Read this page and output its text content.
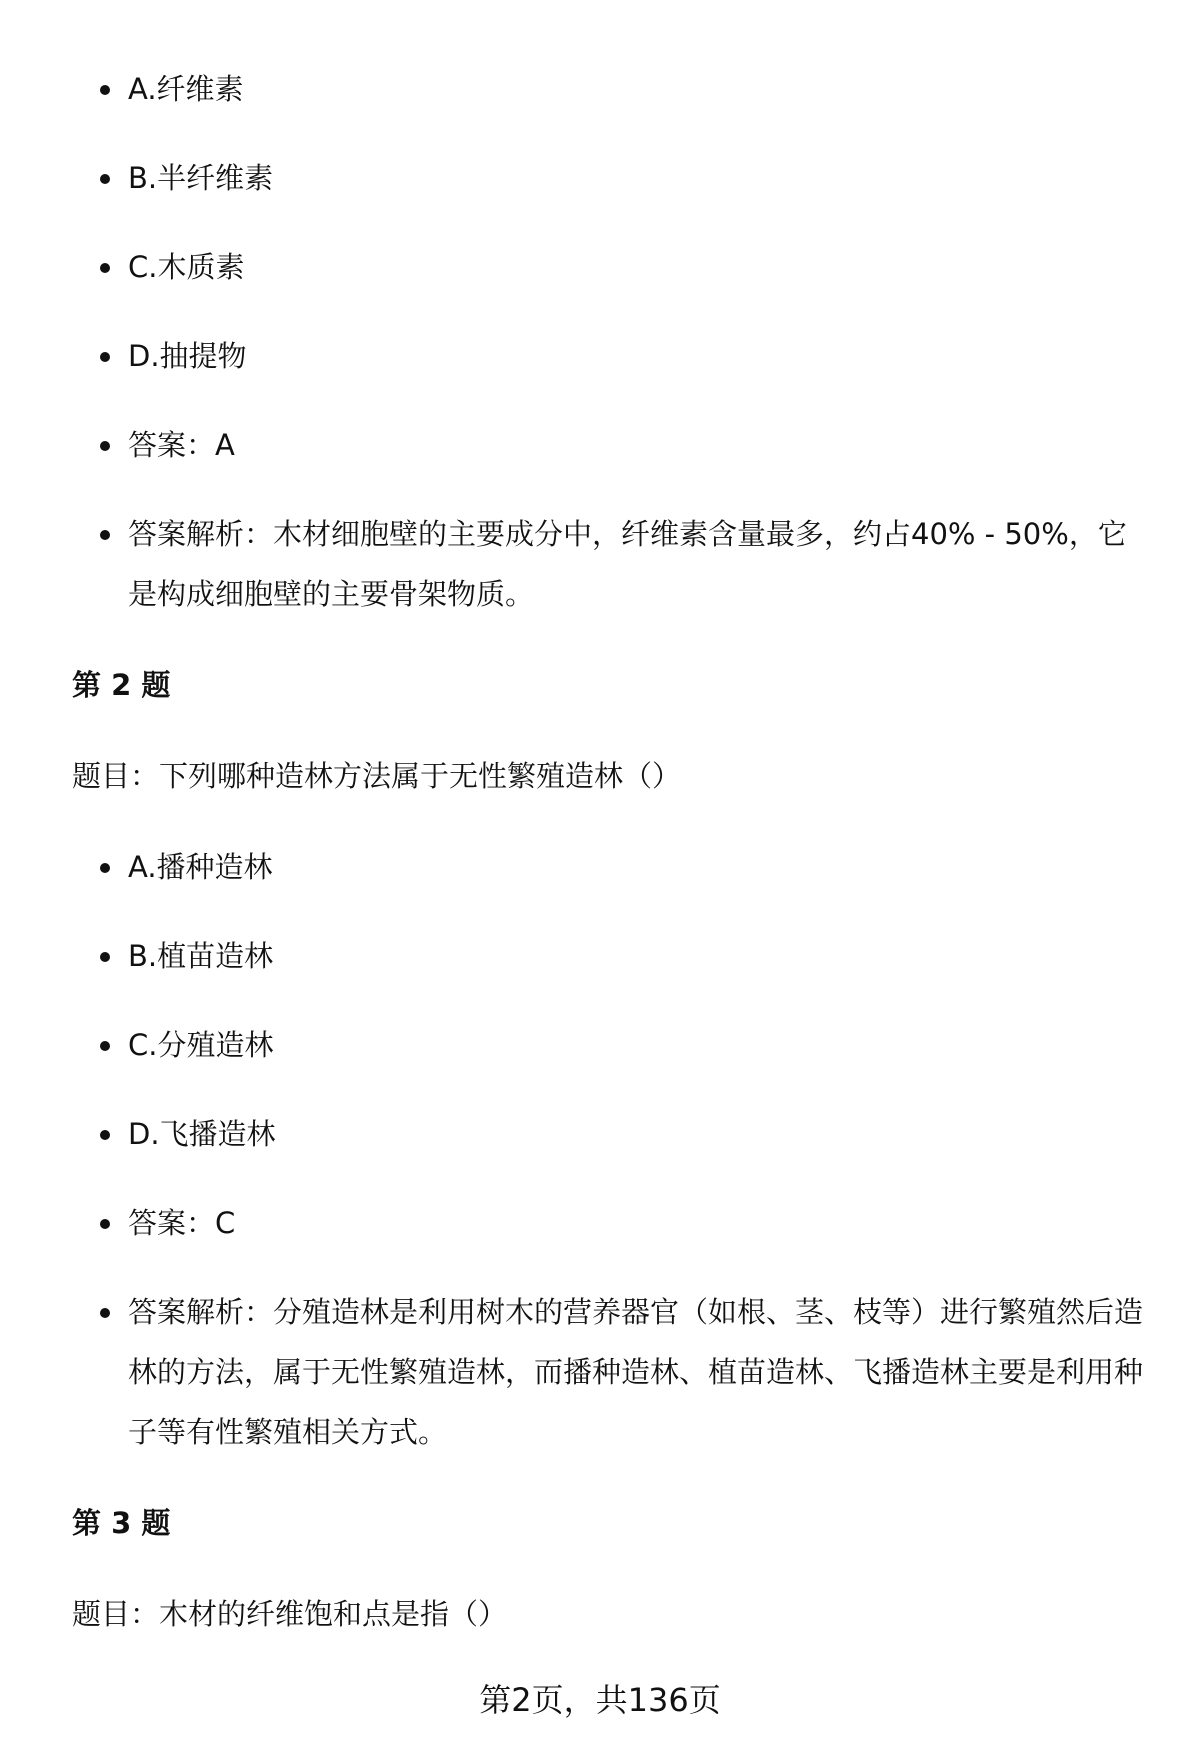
A.纤维素
B.半纤维素
C.木质素
D.抽提物
答案：A
答案解析：木材细胞壁的主要成分中，纤维素含量最多，约占40% - 50%，它是构成细胞壁的主要骨架物质。
第 2 题

题目：下列哪种造林方法属于无性繁殖造林（）

A.播种造林
B.植苗造林
C.分殖造林
D.飞播造林
答案：C
答案解析：分殖造林是利用树木的营养器官（如根、茎、枝等）进行繁殖然后造林的方法，属于无性繁殖造林，而播种造林、植苗造林、飞播造林主要是利用种子等有性繁殖相关方式。
第 3 题

题目：木材的纤维饱和点是指（）

第2页，共136页
